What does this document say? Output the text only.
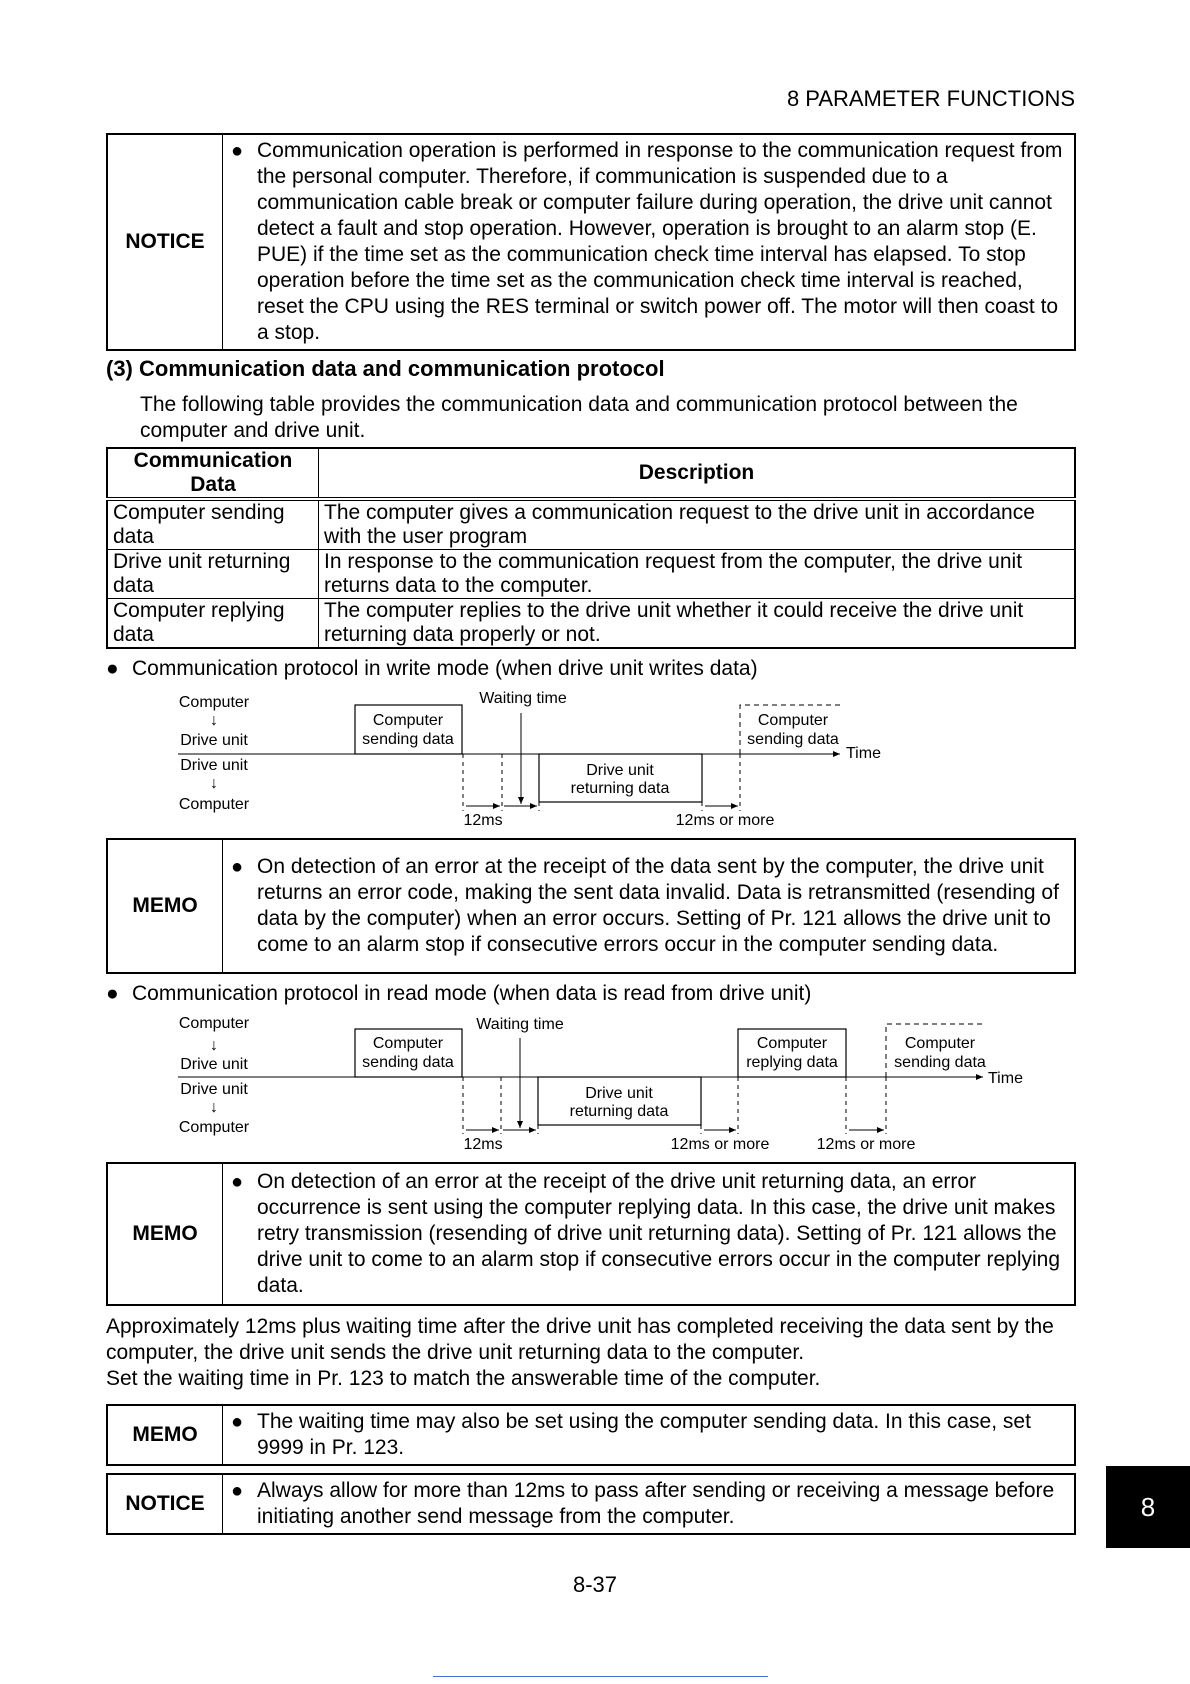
8 PARAMETER FUNCTIONS
NOTICE	
● Communication operation is performed in response to the communication request from the personal computer. Therefore, if communication is suspended due to a communication cable break or computer failure during operation, the drive unit cannot detect a fault and stop operation. However, operation is brought to an alarm stop (E. PUE) if the time set as the communication check time interval has elapsed. To stop operation before the time set as the communication check time interval is reached, reset the CPU using the RES terminal or switch power off. The motor will then coast to a stop.
(3) Communication data and communication protocol
The following table provides the communication data and communication protocol between the computer and drive unit.
Communication Data	Description
Computer sending data	The computer gives a communication request to the drive unit in accordance with the user program
Drive unit returning data	In response to the communication request from the computer, the drive unit returns data to the computer.
Computer replying data	The computer replies to the drive unit whether it could receive the drive unit returning data properly or not.
● Communication protocol in write mode (when drive unit writes data)
Computer
↓
Drive unit
Drive unit
↓
Computer
Waiting time
Time
Computer
sending data
Drive unit
returning data
Computer
sending data
12ms	12ms or more
MEMO	
● On detection of an error at the receipt of the data sent by the computer, the drive unit returns an error code, making the sent data invalid. Data is retransmitted (resending of data by the computer) when an error occurs. Setting of Pr. 121 allows the drive unit to come to an alarm stop if consecutive errors occur in the computer sending data.
● Communication protocol in read mode (when data is read from drive unit)
Computer
↓
Drive unit
Drive unit
↓
Computer
Waiting time
Time
Computer
sending data
Drive unit
returning data
Computer
replying data
Computer
sending data
12ms	12ms or more	12ms or more
MEMO	
● On detection of an error at the receipt of the drive unit returning data, an error occurrence is sent using the computer replying data. In this case, the drive unit makes retry transmission (resending of drive unit returning data). Setting of Pr. 121 allows the drive unit to come to an alarm stop if consecutive errors occur in the computer replying data.
Approximately 12ms plus waiting time after the drive unit has completed receiving the data sent by the computer, the drive unit sends the drive unit returning data to the computer.
Set the waiting time in Pr. 123 to match the answerable time of the computer.
MEMO	
● The waiting time may also be set using the computer sending data. In this case, set 9999 in Pr. 123.
NOTICE	
● Always allow for more than 12ms to pass after sending or receiving a message before initiating another send message from the computer.	8
8-37
